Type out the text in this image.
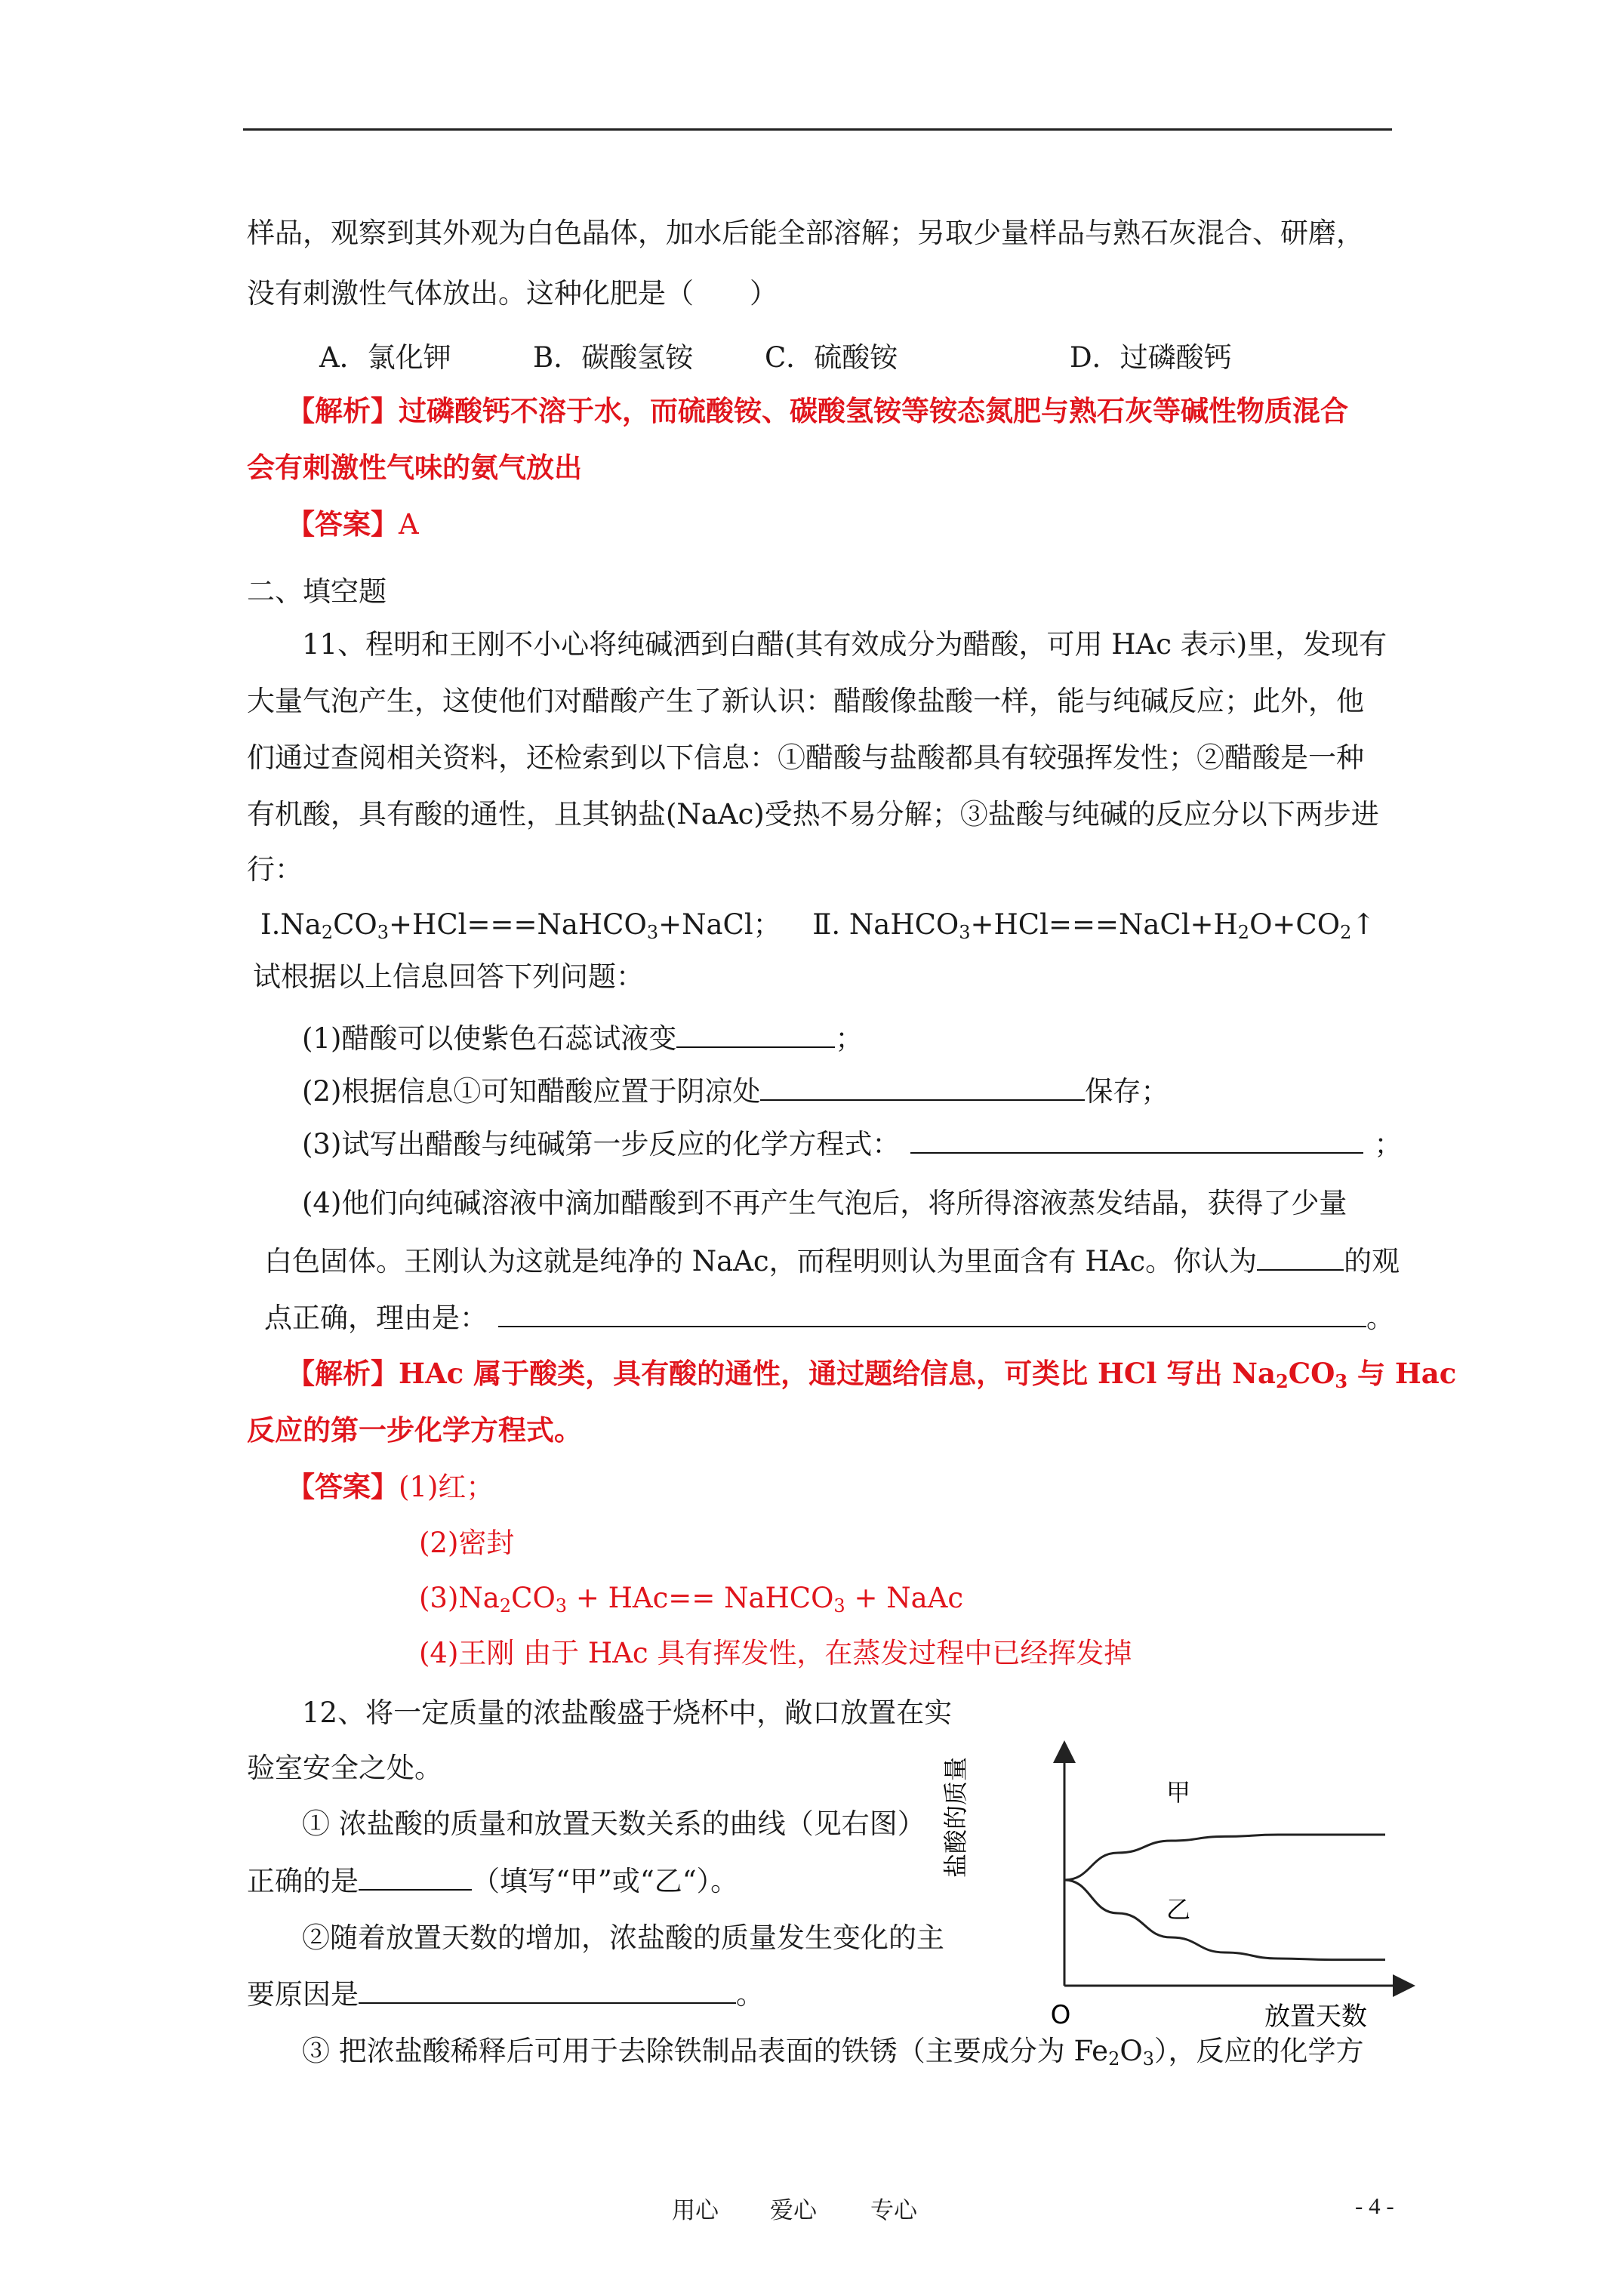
样品，观察到其外观为白色晶体，加水后能全部溶解；另取少量样品与熟石灰混合、研磨，
没有刺激性气体放出。这种化肥是（　　）
A．氯化钾	B．碳酸氢铵	C．硫酸铵	D．过磷酸钙
【解析】过磷酸钙不溶于水，而硫酸铵、碳酸氢铵等铵态氮肥与熟石灰等碱性物质混合
会有刺激性气味的氨气放出
【答案】A
二、填空题
11、程明和王刚不小心将纯碱洒到白醋(其有效成分为醋酸，可用 HAc 表示)里，发现有
大量气泡产生，这使他们对醋酸产生了新认识：醋酸像盐酸一样，能与纯碱反应；此外，他
们通过查阅相关资料，还检索到以下信息：①醋酸与盐酸都具有较强挥发性；②醋酸是一种
有机酸，具有酸的通性，且其钠盐(NaAc)受热不易分解；③盐酸与纯碱的反应分以下两步进
行：
$Ⅰ.Na_2CO_3+HCl===NaHCO_3+NaCl$； Ⅱ. $NaHCO_3+HCl===NaCl+H_2O+CO_2↑$
试根据以上信息回答下列问题：
(1)醋酸可以使紫色石蕊试液变	；
(2)根据信息①可知醋酸应置于阴凉处	保存；
(3)试写出醋酸与纯碱第一步反应的化学方程式：	；
(4)他们向纯碱溶液中滴加醋酸到不再产生气泡后，将所得溶液蒸发结晶，获得了少量
白色固体。王刚认为这就是纯净的 NaAc，而程明则认为里面含有 HAc。你认为	的观
点正确，理由是：	。
【解析】HAc 属于酸类，具有酸的通性，通过题给信息，可类比 HCl 写出 $Na_2CO_3$ 与 Hac
反应的第一步化学方程式。
【答案】(1)红；
(2)密封
$(3)Na_2CO_3 + HAc==$ NaHCO$_3$ + NaAc
(4)王刚 由于 HAc 具有挥发性，在蒸发过程中已经挥发掉
12、将一定质量的浓盐酸盛于烧杯中，敞口放置在实
验室安全之处。
① 浓盐酸的质量和放置天数关系的曲线（见右图）
正确的是	（填写“甲”或“乙“）。
②随着放置天数的增加，浓盐酸的质量发生变化的主
要原因是	。
③ 把浓盐酸稀释后可用于去除铁制品表面的铁锈（主要成分为 $Fe_2O_3$），反应的化学方
盐酸的质量
O	放置天数
甲
乙
用心 爱心 专心	- 4 -
